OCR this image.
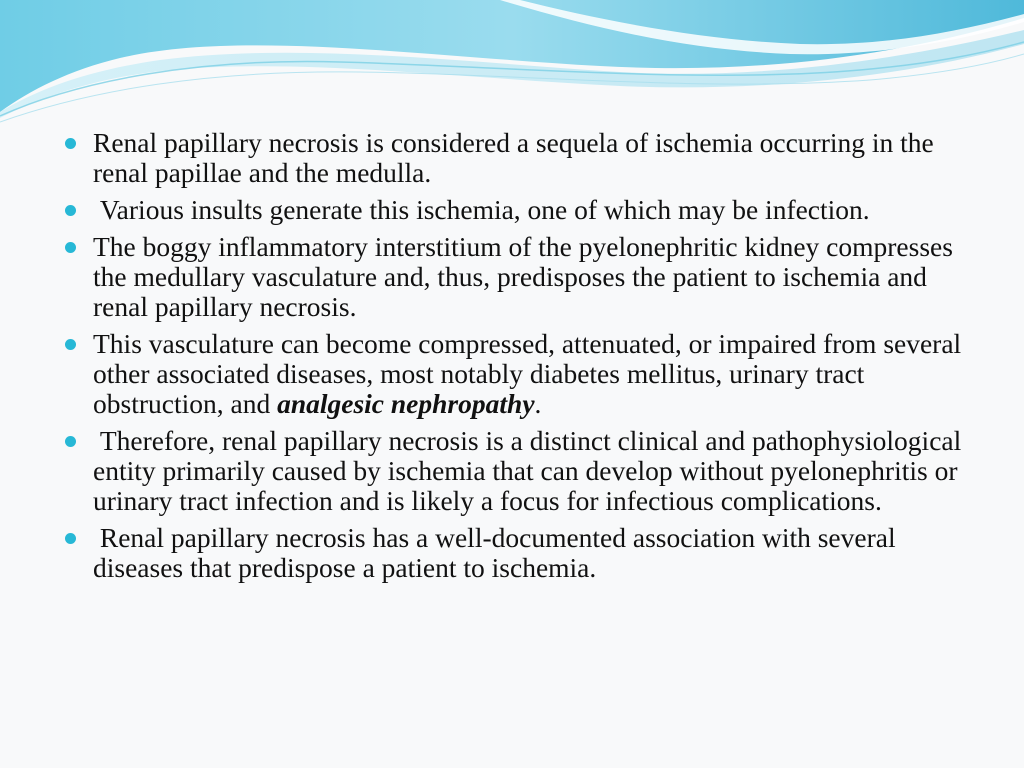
Renal papillary necrosis is considered a sequela of ischemia occurring in the renal papillae and the medulla.
Various insults generate this ischemia, one of which may be infection.
The boggy inflammatory interstitium of the pyelonephritic kidney compresses the medullary vasculature and, thus, predisposes the patient to ischemia and renal papillary necrosis.
This vasculature can become compressed, attenuated, or impaired from several other associated diseases, most notably diabetes mellitus, urinary tract obstruction, and analgesic nephropathy.
Therefore, renal papillary necrosis is a distinct clinical and pathophysiological entity primarily caused by ischemia that can develop without pyelonephritis or urinary tract infection and is likely a focus for infectious complications.
Renal papillary necrosis has a well-documented association with several diseases that predispose a patient to ischemia.
